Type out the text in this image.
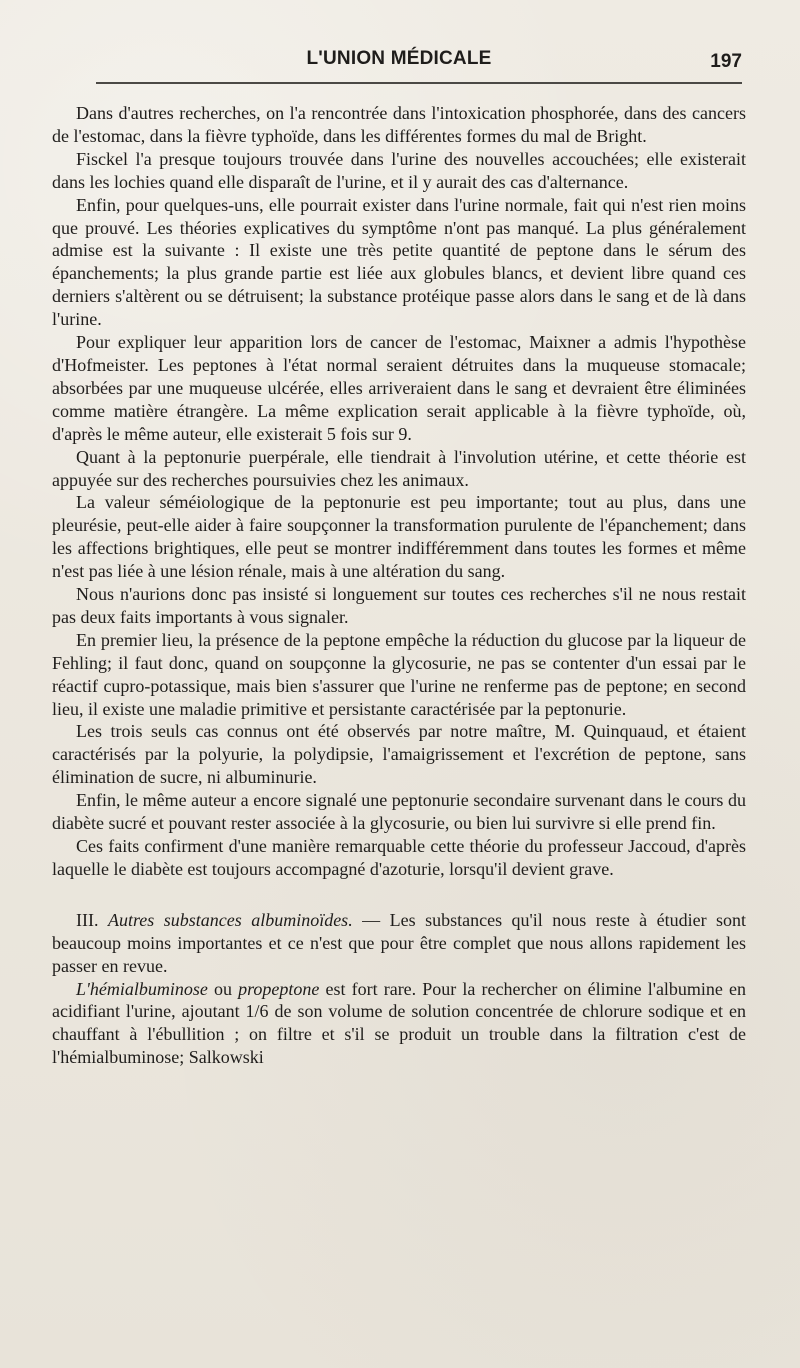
L'UNION MÉDICALE	197

Dans d'autres recherches, on l'a rencontrée dans l'intoxication phosphorée, dans des cancers de l'estomac, dans la fièvre typhoïde, dans les différentes formes du mal de Bright.

Fisckel l'a presque toujours trouvée dans l'urine des nouvelles accouchées; elle existerait dans les lochies quand elle disparaît de l'urine, et il y aurait des cas d'alternance.

Enfin, pour quelques-uns, elle pourrait exister dans l'urine normale, fait qui n'est rien moins que prouvé. Les théories explicatives du symptôme n'ont pas manqué. La plus généralement admise est la suivante : Il existe une très petite quantité de peptone dans le sérum des épanchements; la plus grande partie est liée aux globules blancs, et devient libre quand ces derniers s'altèrent ou se détruisent; la substance protéique passe alors dans le sang et de là dans l'urine.

Pour expliquer leur apparition lors de cancer de l'estomac, Maixner a admis l'hypothèse d'Hofmeister. Les peptones à l'état normal seraient détruites dans la muqueuse stomacale; absorbées par une muqueuse ulcérée, elles arriveraient dans le sang et devraient être éliminées comme matière étrangère. La même explication serait applicable à la fièvre typhoïde, où, d'après le même auteur, elle existerait 5 fois sur 9.

Quant à la peptonurie puerpérale, elle tiendrait à l'involution utérine, et cette théorie est appuyée sur des recherches poursuivies chez les animaux.

La valeur séméiologique de la peptonurie est peu importante; tout au plus, dans une pleurésie, peut-elle aider à faire soupçonner la transformation purulente de l'épanchement; dans les affections brightiques, elle peut se montrer indifféremment dans toutes les formes et même n'est pas liée à une lésion rénale, mais à une altération du sang.

Nous n'aurions donc pas insisté si longuement sur toutes ces recherches s'il ne nous restait pas deux faits importants à vous signaler.

En premier lieu, la présence de la peptone empêche la réduction du glucose par la liqueur de Fehling; il faut donc, quand on soupçonne la glycosurie, ne pas se contenter d'un essai par le réactif cupro-potassique, mais bien s'assurer que l'urine ne renferme pas de peptone; en second lieu, il existe une maladie primitive et persistante caractérisée par la peptonurie.

Les trois seuls cas connus ont été observés par notre maître, M. Quinquaud, et étaient caractérisés par la polyurie, la polydipsie, l'amaigrissement et l'excrétion de peptone, sans élimination de sucre, ni albuminurie.

Enfin, le même auteur a encore signalé une peptonurie secondaire survenant dans le cours du diabète sucré et pouvant rester associée à la glycosurie, ou bien lui survivre si elle prend fin.

Ces faits confirment d'une manière remarquable cette théorie du professeur Jaccoud, d'après laquelle le diabète est toujours accompagné d'azoturie, lorsqu'il devient grave.

III. Autres substances albuminoïdes. — Les substances qu'il nous reste à étudier sont beaucoup moins importantes et ce n'est que pour être complet que nous allons rapidement les passer en revue.

L'hémialbuminose ou propeptone est fort rare. Pour la rechercher on élimine l'albumine en acidifiant l'urine, ajoutant 1/6 de son volume de solution concentrée de chlorure sodique et en chauffant à l'ébullition ; on filtre et s'il se produit un trouble dans la filtration c'est de l'hémialbuminose; Salkowski
